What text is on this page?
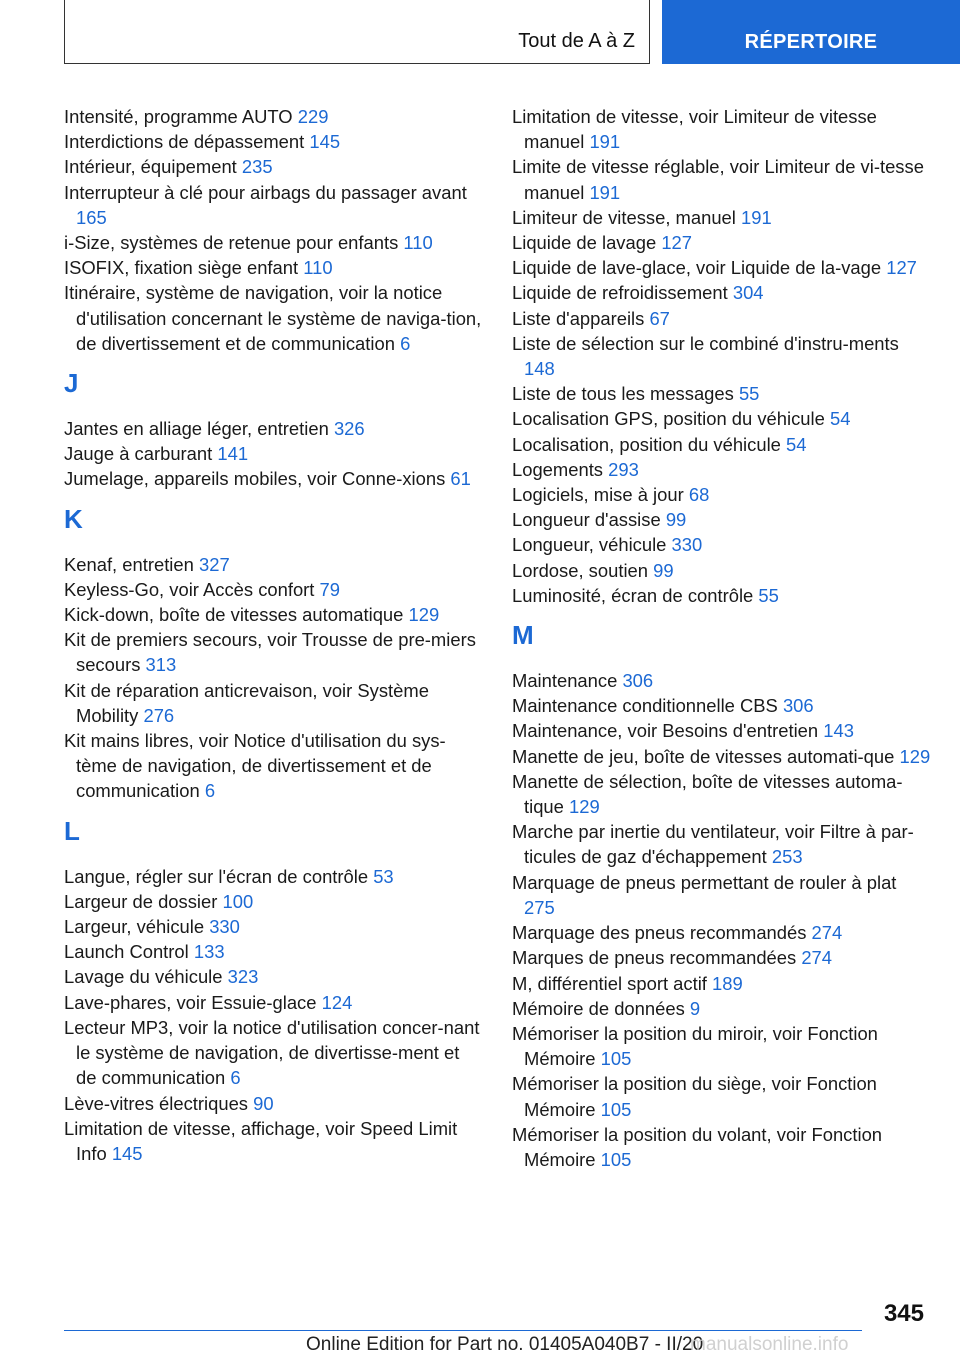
Tout de A à Z	RÉPERTOIRE
Intensité, programme AUTO 229
Interdictions de dépassement 145
Intérieur, équipement 235
Interrupteur à clé pour airbags du passager avant 165
i-Size, systèmes de retenue pour enfants 110
ISOFIX, fixation siège enfant 110
Itinéraire, système de navigation, voir la notice d'utilisation concernant le système de naviga-tion, de divertissement et de communication 6
J
Jantes en alliage léger, entretien 326
Jauge à carburant 141
Jumelage, appareils mobiles, voir Conne-xions 61
K
Kenaf, entretien 327
Keyless-Go, voir Accès confort 79
Kick-down, boîte de vitesses automatique 129
Kit de premiers secours, voir Trousse de pre-miers secours 313
Kit de réparation anticrevaison, voir Système Mobility 276
Kit mains libres, voir Notice d'utilisation du sys-tème de navigation, de divertissement et de communication 6
L
Langue, régler sur l'écran de contrôle 53
Largeur de dossier 100
Largeur, véhicule 330
Launch Control 133
Lavage du véhicule 323
Lave-phares, voir Essuie-glace 124
Lecteur MP3, voir la notice d'utilisation concer-nant le système de navigation, de divertisse-ment et de communication 6
Lève-vitres électriques 90
Limitation de vitesse, affichage, voir Speed Limit Info 145
Limitation de vitesse, voir Limiteur de vitesse manuel 191
Limite de vitesse réglable, voir Limiteur de vi-tesse manuel 191
Limiteur de vitesse, manuel 191
Liquide de lavage 127
Liquide de lave-glace, voir Liquide de la-vage 127
Liquide de refroidissement 304
Liste d'appareils 67
Liste de sélection sur le combiné d'instru-ments 148
Liste de tous les messages 55
Localisation GPS, position du véhicule 54
Localisation, position du véhicule 54
Logements 293
Logiciels, mise à jour 68
Longueur d'assise 99
Longueur, véhicule 330
Lordose, soutien 99
Luminosité, écran de contrôle 55
M
Maintenance 306
Maintenance conditionnelle CBS 306
Maintenance, voir Besoins d'entretien 143
Manette de jeu, boîte de vitesses automati-que 129
Manette de sélection, boîte de vitesses automa-tique 129
Marche par inertie du ventilateur, voir Filtre à par-ticules de gaz d'échappement 253
Marquage de pneus permettant de rouler à plat 275
Marquage des pneus recommandés 274
Marques de pneus recommandées 274
M, différentiel sport actif 189
Mémoire de données 9
Mémoriser la position du miroir, voir Fonction Mémoire 105
Mémoriser la position du siège, voir Fonction Mémoire 105
Mémoriser la position du volant, voir Fonction Mémoire 105
345
Online Edition for Part no. 01405A040B7 - II/20
manualsonline.info
